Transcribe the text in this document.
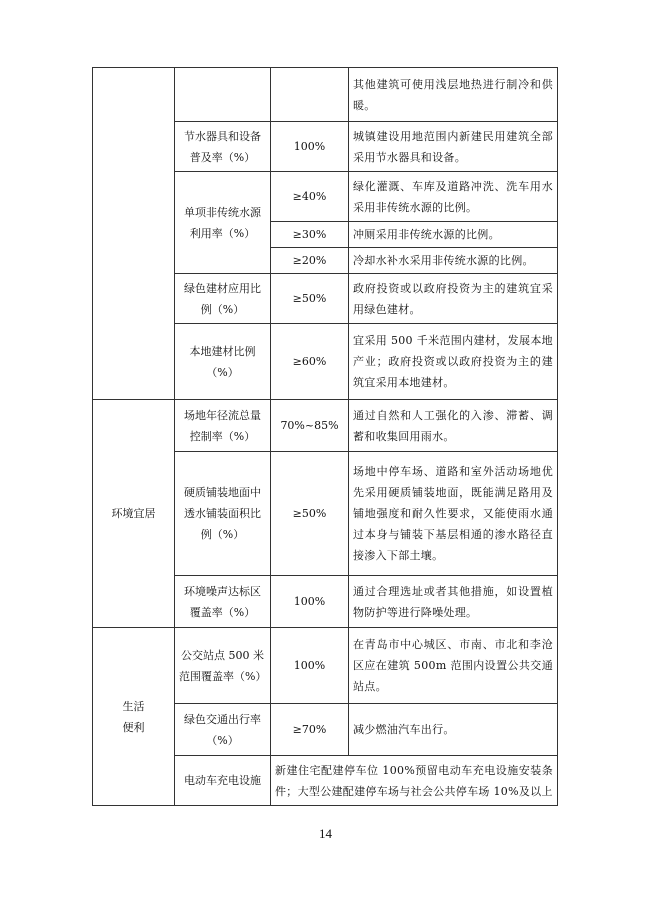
			其他建筑可使用浅层地热进行制冷和供暖。
	节水器具和设备普及率（%）	100%	城镇建设用地范围内新建民用建筑全部采用节水器具和设备。
	单项非传统水源利用率（%）	≥40%	绿化灌溉、车库及道路冲洗、洗车用水采用非传统水源的比例。
		≥30%	冲厕采用非传统水源的比例。
		≥20%	冷却水补水采用非传统水源的比例。
	绿色建材应用比例（%）	≥50%	政府投资或以政府投资为主的建筑宜采用绿色建材。
	本地建材比例（%）	≥60%	宜采用 500 千米范围内建材，发展本地产业；政府投资或以政府投资为主的建筑宜采用本地建材。
环境宜居	场地年径流总量控制率（%）	70%~85%	通过自然和人工强化的入渗、滞蓄、调蓄和收集回用雨水。
	硬质铺装地面中透水铺装面积比例（%）	≥50%	场地中停车场、道路和室外活动场地优先采用硬质铺装地面，既能满足路用及铺地强度和耐久性要求，又能使雨水通过本身与铺装下基层相通的渗水路径直接渗入下部土壤。
	环境噪声达标区覆盖率（%）	100%	通过合理选址或者其他措施，如设置植物防护等进行降噪处理。
生活
便利	公交站点 500 米范围覆盖率（%）	100%	在青岛市中心城区、市南、市北和李沧区应在建筑 500m 范围内设置公共交通站点。
	绿色交通出行率（%）	≥70%	减少燃油汽车出行。
	电动车充电设施	新建住宅配建停车位 100%预留电动车充电设施安装条件；大型公建配建停车场与社会公共停车场 10%及以上	
14
